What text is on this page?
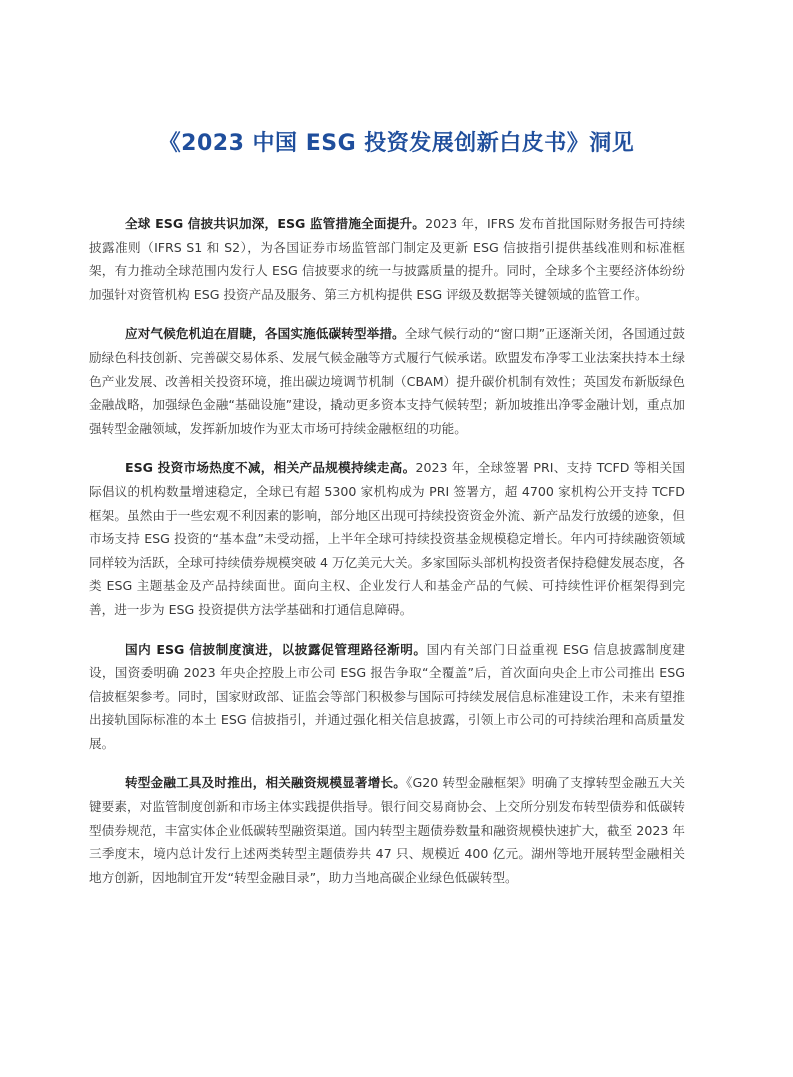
《2023 中国 ESG 投资发展创新白皮书》洞见

全球 ESG 信披共识加深，ESG 监管措施全面提升。2023 年，IFRS 发布首批国际财务报告可持续披露准则（IFRS S1 和 S2），为各国证券市场监管部门制定及更新 ESG 信披指引提供基线准则和标准框架，有力推动全球范围内发行人 ESG 信披要求的统一与披露质量的提升。同时，全球多个主要经济体纷纷加强针对资管机构 ESG 投资产品及服务、第三方机构提供 ESG 评级及数据等关键领域的监管工作。

应对气候危机迫在眉睫，各国实施低碳转型举措。全球气候行动的“窗口期”正逐渐关闭，各国通过鼓励绿色科技创新、完善碳交易体系、发展气候金融等方式履行气候承诺。欧盟发布净零工业法案扶持本土绿色产业发展、改善相关投资环境，推出碳边境调节机制（CBAM）提升碳价机制有效性；英国发布新版绿色金融战略，加强绿色金融“基础设施”建设，撬动更多资本支持气候转型；新加坡推出净零金融计划，重点加强转型金融领域，发挥新加坡作为亚太市场可持续金融枢纽的功能。

ESG 投资市场热度不减，相关产品规模持续走高。2023 年，全球签署 PRI、支持 TCFD 等相关国际倡议的机构数量增速稳定，全球已有超 5300 家机构成为 PRI 签署方，超 4700 家机构公开支持 TCFD 框架。虽然由于一些宏观不利因素的影响，部分地区出现可持续投资资金外流、新产品发行放缓的迹象，但市场支持 ESG 投资的“基本盘”未受动摇，上半年全球可持续投资基金规模稳定增长。年内可持续融资领域同样较为活跃，全球可持续债券规模突破 4 万亿美元大关。多家国际头部机构投资者保持稳健发展态度，各类 ESG 主题基金及产品持续面世。面向主权、企业发行人和基金产品的气候、可持续性评价框架得到完善，进一步为 ESG 投资提供方法学基础和打通信息障碍。

国内 ESG 信披制度演进，以披露促管理路径渐明。国内有关部门日益重视 ESG 信息披露制度建设，国资委明确 2023 年央企控股上市公司 ESG 报告争取“全覆盖”后，首次面向央企上市公司推出 ESG 信披框架参考。同时，国家财政部、证监会等部门积极参与国际可持续发展信息标准建设工作，未来有望推出接轨国际标准的本土 ESG 信披指引，并通过强化相关信息披露，引领上市公司的可持续治理和高质量发展。

转型金融工具及时推出，相关融资规模显著增长。《G20 转型金融框架》明确了支撑转型金融五大关键要素，对监管制度创新和市场主体实践提供指导。银行间交易商协会、上交所分别发布转型债券和低碳转型债券规范，丰富实体企业低碳转型融资渠道。国内转型主题债券数量和融资规模快速扩大，截至 2023 年三季度末，境内总计发行上述两类转型主题债券共 47 只、规模近 400 亿元。湖州等地开展转型金融相关地方创新，因地制宜开发“转型金融目录”，助力当地高碳企业绿色低碳转型。
